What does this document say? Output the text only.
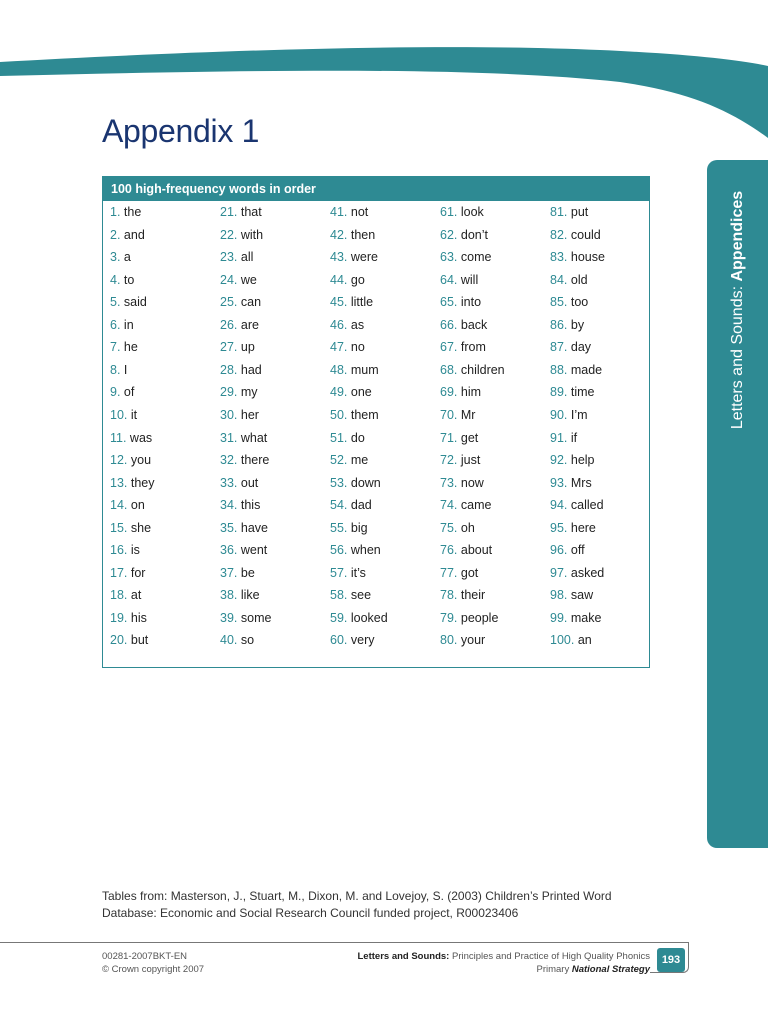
Letters and Sounds: Appendices
Appendix 1
100 high-frequency words in order
1. the
2. and
3. a
4. to
5. said
6. in
7. he
8. I
9. of
10. it
11. was
12. you
13. they
14. on
15. she
16. is
17. for
18. at
19. his
20. but
21. that
22. with
23. all
24. we
25. can
26. are
27. up
28. had
29. my
30. her
31. what
32. there
33. out
34. this
35. have
36. went
37. be
38. like
39. some
40. so
41. not
42. then
43. were
44. go
45. little
46. as
47. no
48. mum
49. one
50. them
51. do
52. me
53. down
54. dad
55. big
56. when
57. it’s
58. see
59. looked
60. very
61. look
62. don’t
63. come
64. will
65. into
66. back
67. from
68. children
69. him
70. Mr
71. get
72. just
73. now
74. came
75. oh
76. about
77. got
78. their
79. people
80. your
81. put
82. could
83. house
84. old
85. too
86. by
87. day
88. made
89. time
90. I’m
91. if
92. help
93. Mrs
94. called
95. here
96. off
97. asked
98. saw
99. make
100. an

Tables from: Masterson, J., Stuart, M., Dixon, M. and Lovejoy, S. (2003) Children’s Printed Word Database: Economic and Social Research Council funded project, R00023406

00281-2007BKT-EN
© Crown copyright 2007
Letters and Sounds: Principles and Practice of High Quality Phonics
Primary National Strategy
193
